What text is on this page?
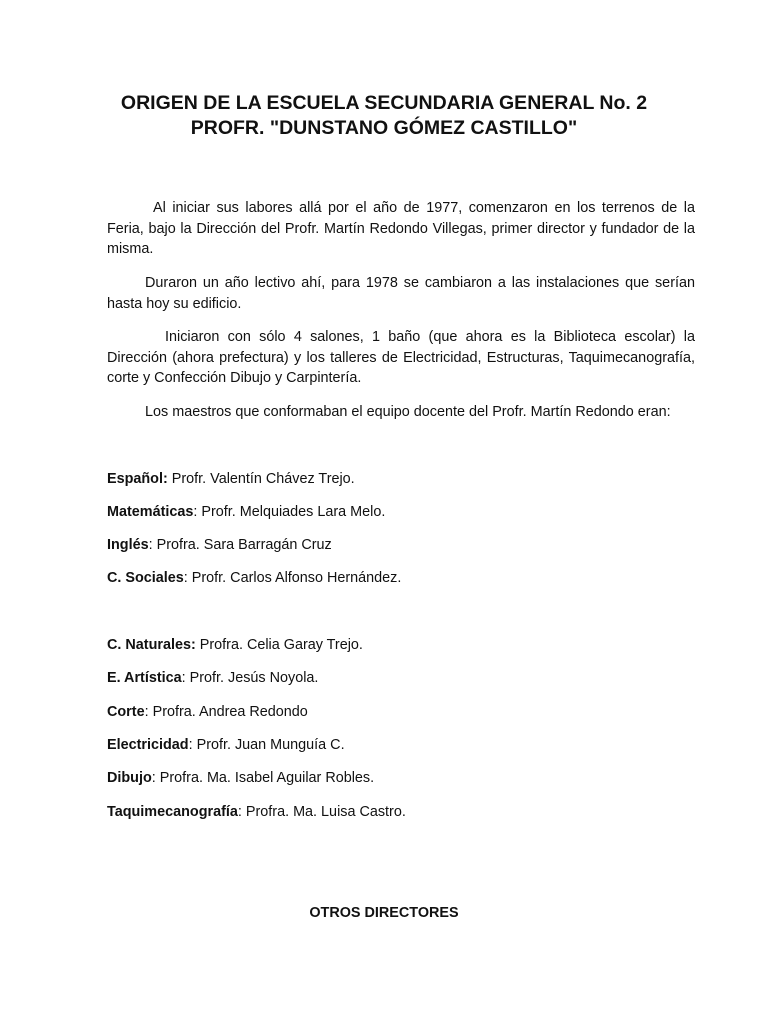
ORIGEN DE LA ESCUELA SECUNDARIA GENERAL No. 2
PROFR. "DUNSTANO GÓMEZ CASTILLO"

Al iniciar sus labores allá por el año de 1977, comenzaron en los terrenos de la Feria, bajo la Dirección del Profr. Martín Redondo Villegas, primer director y fundador de la misma.

Duraron un año lectivo ahí, para 1978 se cambiaron a las instalaciones que serían hasta hoy su edificio.

Iniciaron con sólo 4 salones, 1 baño (que ahora es la Biblioteca escolar) la Dirección (ahora prefectura) y los talleres de Electricidad, Estructuras, Taquimecanografía, corte y Confección Dibujo y Carpintería.

Los maestros que conformaban el equipo docente del Profr. Martín Redondo eran:

Español: Profr. Valentín Chávez Trejo.

Matemáticas: Profr. Melquiades Lara Melo.

Inglés: Profra. Sara Barragán Cruz

C. Sociales: Profr. Carlos Alfonso Hernández.

C. Naturales: Profra. Celia Garay Trejo.

E. Artística: Profr. Jesús Noyola.

Corte: Profra. Andrea Redondo

Electricidad: Profr. Juan Munguía C.

Dibujo: Profra. Ma. Isabel Aguilar Robles.

Taquimecanografía: Profra. Ma. Luisa Castro.

OTROS DIRECTORES
